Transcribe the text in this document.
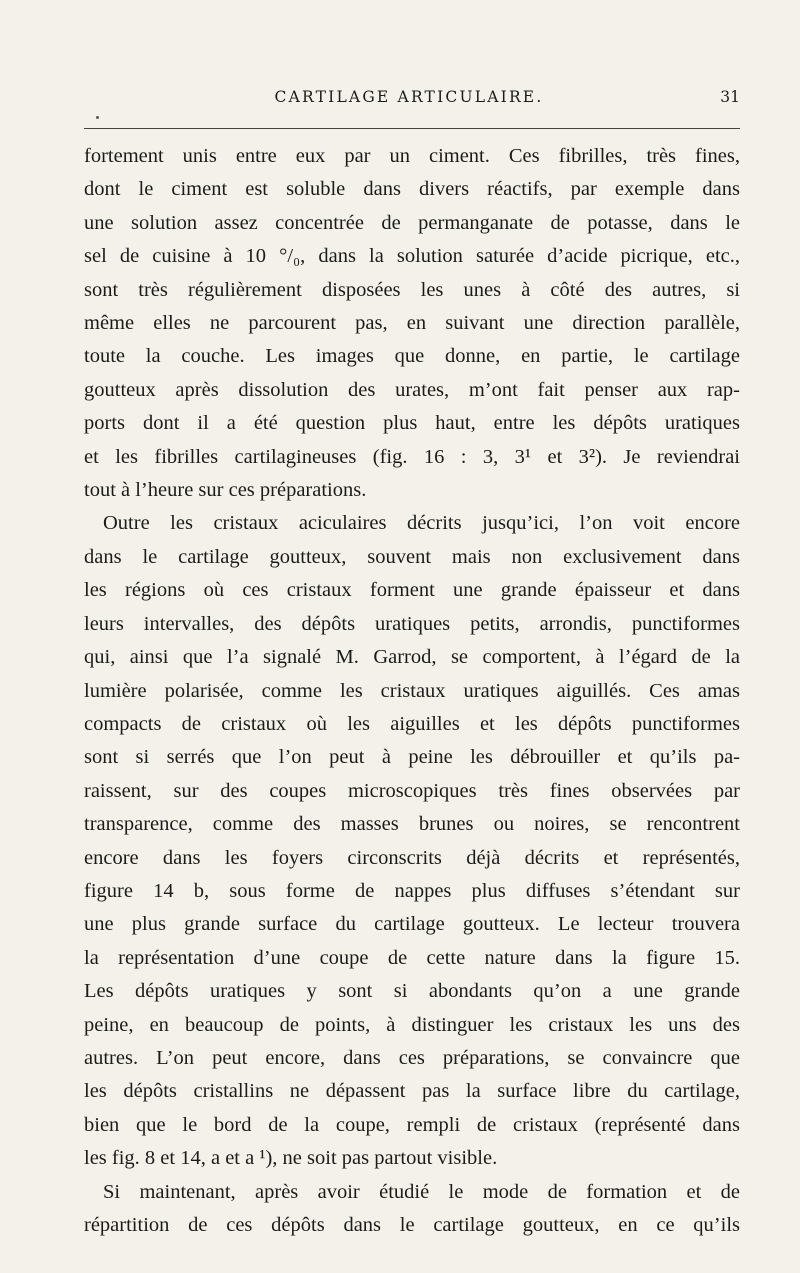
CARTILAGE ARTICULAIRE.	31
fortement unis entre eux par un ciment. Ces fibrilles, très fines,
dont le ciment est soluble dans divers réactifs, par exemple dans
une solution assez concentrée de permanganate de potasse, dans le
sel de cuisine à 10 °/₀, dans la solution saturée d’acide picrique, etc.,
sont très régulièrement disposées les unes à côté des autres, si
même elles ne parcourent pas, en suivant une direction parallèle,
toute la couche. Les images que donne, en partie, le cartilage
goutteux après dissolution des urates, m’ont fait penser aux rap-
ports dont il a été question plus haut, entre les dépôts uratiques
et les fibrilles cartilagineuses (fig. 16 : 3, 3¹ et 3²). Je reviendrai
tout à l’heure sur ces préparations.
Outre les cristaux aciculaires décrits jusqu’ici, l’on voit encore
dans le cartilage goutteux, souvent mais non exclusivement dans
les régions où ces cristaux forment une grande épaisseur et dans
leurs intervalles, des dépôts uratiques petits, arrondis, punctiformes
qui, ainsi que l’a signalé M. Garrod, se comportent, à l’égard de la
lumière polarisée, comme les cristaux uratiques aiguillés. Ces amas
compacts de cristaux où les aiguilles et les dépôts punctiformes
sont si serrés que l’on peut à peine les débrouiller et qu’ils pa-
raissent, sur des coupes microscopiques très fines observées par
transparence, comme des masses brunes ou noires, se rencontrent
encore dans les foyers circonscrits déjà décrits et représentés,
figure 14 b, sous forme de nappes plus diffuses s’étendant sur
une plus grande surface du cartilage goutteux. Le lecteur trouvera
la représentation d’une coupe de cette nature dans la figure 15.
Les dépôts uratiques y sont si abondants qu’on a une grande
peine, en beaucoup de points, à distinguer les cristaux les uns des
autres. L’on peut encore, dans ces préparations, se convaincre que
les dépôts cristallins ne dépassent pas la surface libre du cartilage,
bien que le bord de la coupe, rempli de cristaux (représenté dans
les fig. 8 et 14, a et a ¹), ne soit pas partout visible.
Si maintenant, après avoir étudié le mode de formation et de
répartition de ces dépôts dans le cartilage goutteux, en ce qu’ils
